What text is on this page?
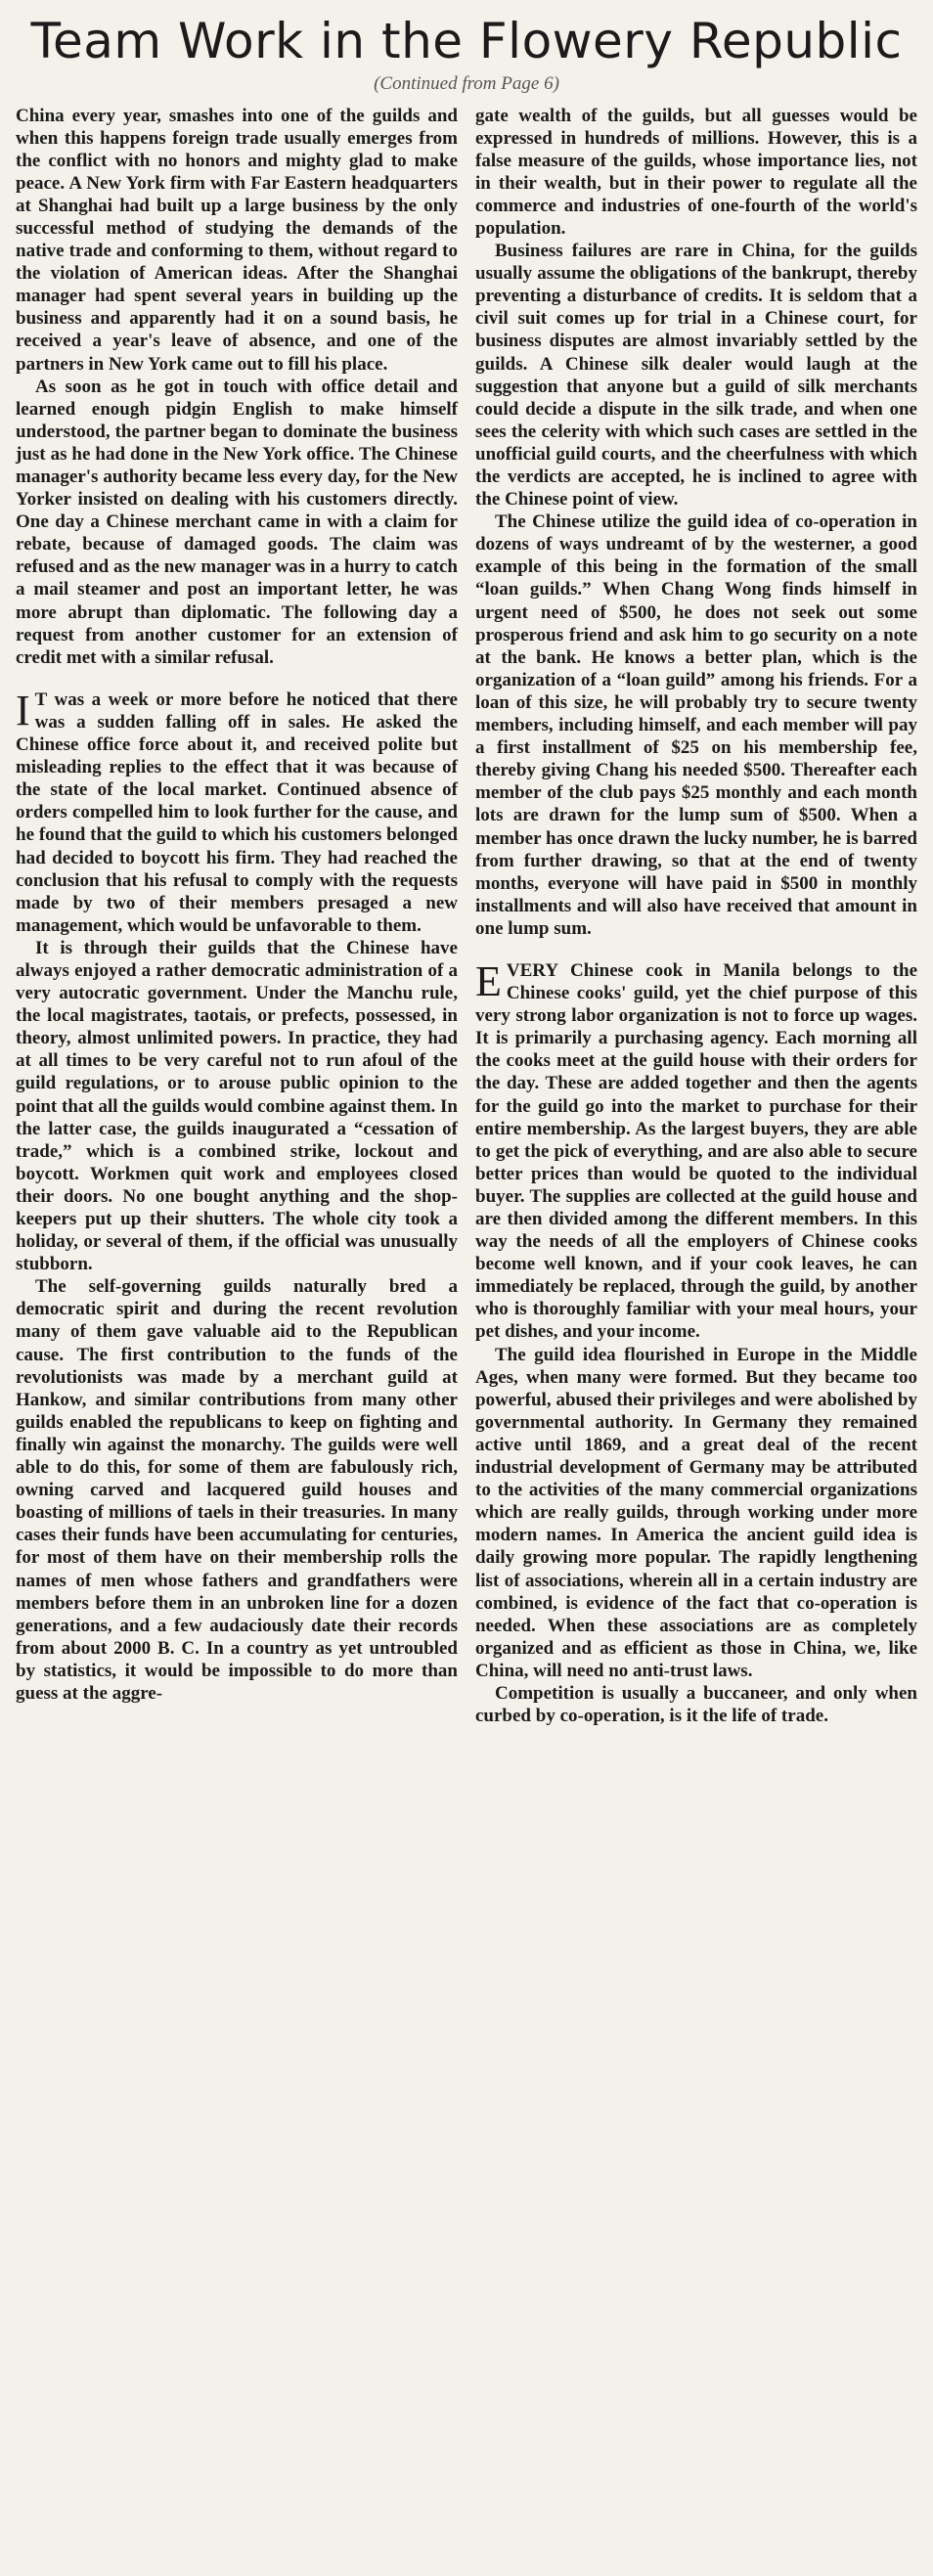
Team Work in the Flowery Republic
(Continued from Page 6)

China every year, smashes into one of the guilds and when this happens foreign trade usually emerges from the conflict with no honors and mighty glad to make peace. A New York firm with Far Eastern headquarters at Shanghai had built up a large business by the only successful method of studying the demands of the native trade and conforming to them, without regard to the violation of American ideas. After the Shanghai manager had spent several years in building up the business and apparently had it on a sound basis, he received a year's leave of absence, and one of the partners in New York came out to fill his place.

As soon as he got in touch with office detail and learned enough pidgin English to make himself understood, the partner began to dominate the business just as he had done in the New York office. The Chinese manager's authority became less every day, for the New Yorker insisted on dealing with his customers directly. One day a Chinese merchant came in with a claim for rebate, because of damaged goods. The claim was refused and as the new manager was in a hurry to catch a mail steamer and post an important letter, he was more abrupt than diplomatic. The following day a request from another customer for an extension of credit met with a similar refusal.

I T was a week or more before he noticed that there was a sudden falling off in sales. He asked the Chinese office force about it, and received polite but misleading replies to the effect that it was because of the state of the local market. Continued absence of orders compelled him to look further for the cause, and he found that the guild to which his customers belonged had decided to boycott his firm. They had reached the conclusion that his refusal to comply with the requests made by two of their members presaged a new management, which would be unfavorable to them.

It is through their guilds that the Chinese have always enjoyed a rather democratic administration of a very autocratic government. Under the Manchu rule, the local magistrates, taotais, or prefects, possessed, in theory, almost unlimited powers. In practice, they had at all times to be very careful not to run afoul of the guild regulations, or to arouse public opinion to the point that all the guilds would combine against them. In the latter case, the guilds inaugurated a “cessation of trade,” which is a combined strike, lockout and boycott. Workmen quit work and employees closed their doors. No one bought anything and the shop-keepers put up their shutters. The whole city took a holiday, or several of them, if the official was unusually stubborn.

The self-governing guilds naturally bred a democratic spirit and during the recent revolution many of them gave valuable aid to the Republican cause. The first contribution to the funds of the revolutionists was made by a merchant guild at Hankow, and similar contributions from many other guilds enabled the republicans to keep on fighting and finally win against the monarchy. The guilds were well able to do this, for some of them are fabulously rich, owning carved and lacquered guild houses and boasting of millions of taels in their treasuries. In many cases their funds have been accumulating for centuries, for most of them have on their membership rolls the names of men whose fathers and grandfathers were members before them in an unbroken line for a dozen generations, and a few audaciously date their records from about 2000 B. C. In a country as yet untroubled by statistics, it would be impossible to do more than guess at the aggre-

gate wealth of the guilds, but all guesses would be expressed in hundreds of millions. However, this is a false measure of the guilds, whose importance lies, not in their wealth, but in their power to regulate all the commerce and industries of one-fourth of the world's population.

Business failures are rare in China, for the guilds usually assume the obligations of the bankrupt, thereby preventing a disturbance of credits. It is seldom that a civil suit comes up for trial in a Chinese court, for business disputes are almost invariably settled by the guilds. A Chinese silk dealer would laugh at the suggestion that anyone but a guild of silk merchants could decide a dispute in the silk trade, and when one sees the celerity with which such cases are settled in the unofficial guild courts, and the cheerfulness with which the verdicts are accepted, he is inclined to agree with the Chinese point of view.

The Chinese utilize the guild idea of co-operation in dozens of ways undreamt of by the westerner, a good example of this being in the formation of the small “loan guilds.” When Chang Wong finds himself in urgent need of $500, he does not seek out some prosperous friend and ask him to go security on a note at the bank. He knows a better plan, which is the organization of a “loan guild” among his friends. For a loan of this size, he will probably try to secure twenty members, including himself, and each member will pay a first installment of $25 on his membership fee, thereby giving Chang his needed $500. Thereafter each member of the club pays $25 monthly and each month lots are drawn for the lump sum of $500. When a member has once drawn the lucky number, he is barred from further drawing, so that at the end of twenty months, everyone will have paid in $500 in monthly installments and will also have received that amount in one lump sum.

EVERY Chinese cook in Manila belongs to the Chinese cooks' guild, yet the chief purpose of this very strong labor organization is not to force up wages. It is primarily a purchasing agency. Each morning all the cooks meet at the guild house with their orders for the day. These are added together and then the agents for the guild go into the market to purchase for their entire membership. As the largest buyers, they are able to get the pick of everything, and are also able to secure better prices than would be quoted to the individual buyer. The supplies are collected at the guild house and are then divided among the different members. In this way the needs of all the employers of Chinese cooks become well known, and if your cook leaves, he can immediately be replaced, through the guild, by another who is thoroughly familiar with your meal hours, your pet dishes, and your income.

The guild idea flourished in Europe in the Middle Ages, when many were formed. But they became too powerful, abused their privileges and were abolished by governmental authority. In Germany they remained active until 1869, and a great deal of the recent industrial development of Germany may be attributed to the activities of the many commercial organizations which are really guilds, through working under more modern names. In America the ancient guild idea is daily growing more popular. The rapidly lengthening list of associations, wherein all in a certain industry are combined, is evidence of the fact that co-operation is needed. When these associations are as completely organized and as efficient as those in China, we, like China, will need no anti-trust laws.

Competition is usually a buccaneer, and only when curbed by co-operation, is it the life of trade.
